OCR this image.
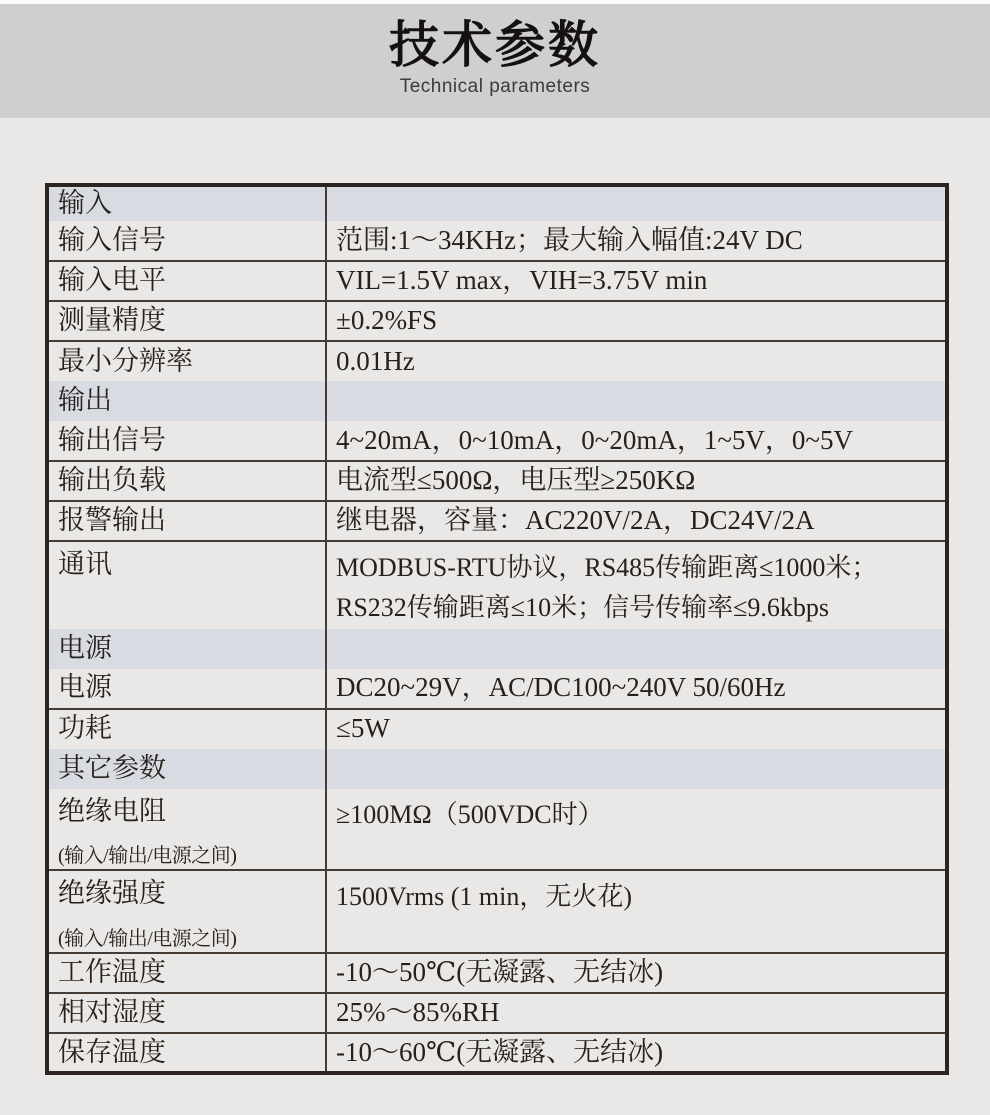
技术参数
Technical parameters
输入	
输入信号	范围:1～34KHz；最大输入幅值:24V DC
输入电平	VIL=1.5V max，VIH=3.75V min
测量精度	±0.2%FS
最小分辨率	0.01Hz
输出	
输出信号	4~20mA，0~10mA，0~20mA，1~5V，0~5V
输出负载	电流型≤500Ω，电压型≥250KΩ
报警输出	继电器，容量：AC220V/2A，DC24V/2A
通讯	MODBUS-RTU协议，RS485传输距离≤1000米；RS232传输距离≤10米；信号传输率≤9.6kbps
电源	
电源	DC20~29V，AC/DC100~240V 50/60Hz
功耗	≤5W
其它参数	

绝缘电阻
(输入/输出/电源之间)	≥100MΩ（500VDC时）

绝缘强度
(输入/输出/电源之间)	1500Vrms (1 min，无火花)
工作温度	-10～50℃(无凝露、无结冰)
相对湿度	25%～85%RH
保存温度	-10～60℃(无凝露、无结冰)
